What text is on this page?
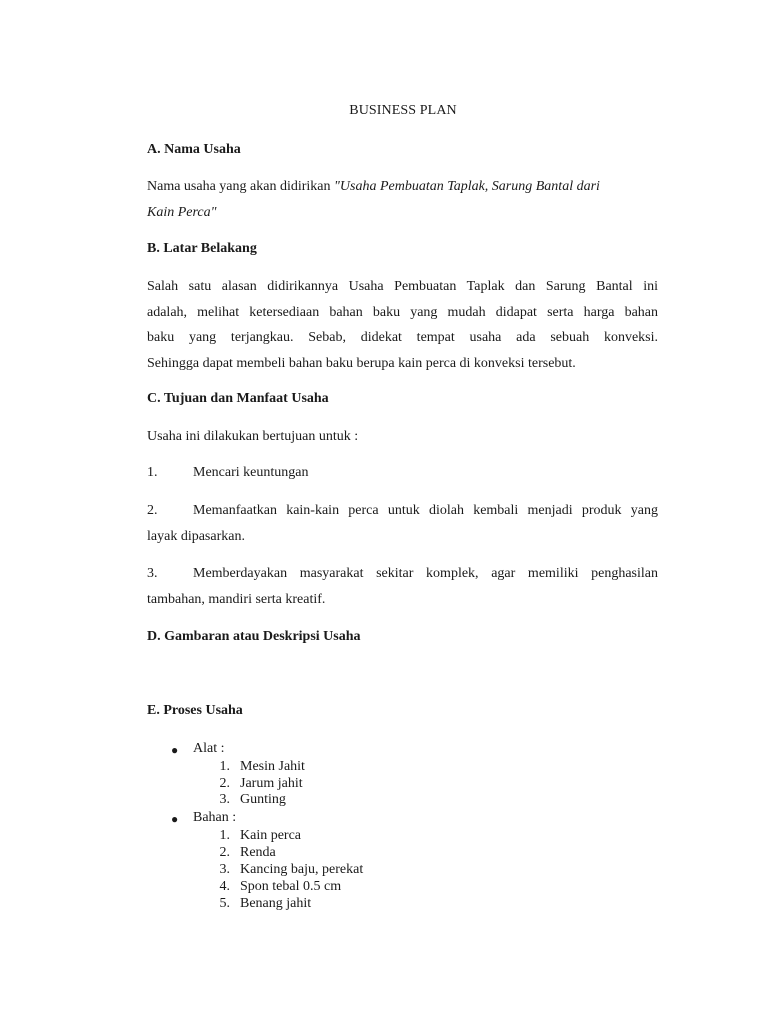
BUSINESS PLAN
A. Nama Usaha
Nama usaha yang akan didirikan "Usaha Pembuatan Taplak, Sarung Bantal dari
Kain Perca"
B. Latar Belakang
Salah satu alasan didirikannya Usaha Pembuatan Taplak dan Sarung Bantal ini
adalah, melihat ketersediaan bahan baku yang mudah didapat serta harga bahan
baku yang terjangkau. Sebab, didekat tempat usaha ada sebuah konveksi.
Sehingga dapat membeli bahan baku berupa kain perca di konveksi tersebut.
C. Tujuan dan Manfaat Usaha
Usaha ini dilakukan bertujuan untuk :
1.	Mencari keuntungan
2.	Memanfaatkan kain-kain perca untuk diolah kembali menjadi produk yang
layak dipasarkan.
3.	Memberdayakan masyarakat sekitar komplek, agar memiliki penghasilan
tambahan, mandiri serta kreatif.
D. Gambaran atau Deskripsi Usaha
E. Proses Usaha
● Alat :
1. Mesin Jahit
2. Jarum jahit
3. Gunting
● Bahan :
1. Kain perca
2. Renda
3. Kancing baju, perekat
4. Spon tebal 0.5 cm
5. Benang jahit
